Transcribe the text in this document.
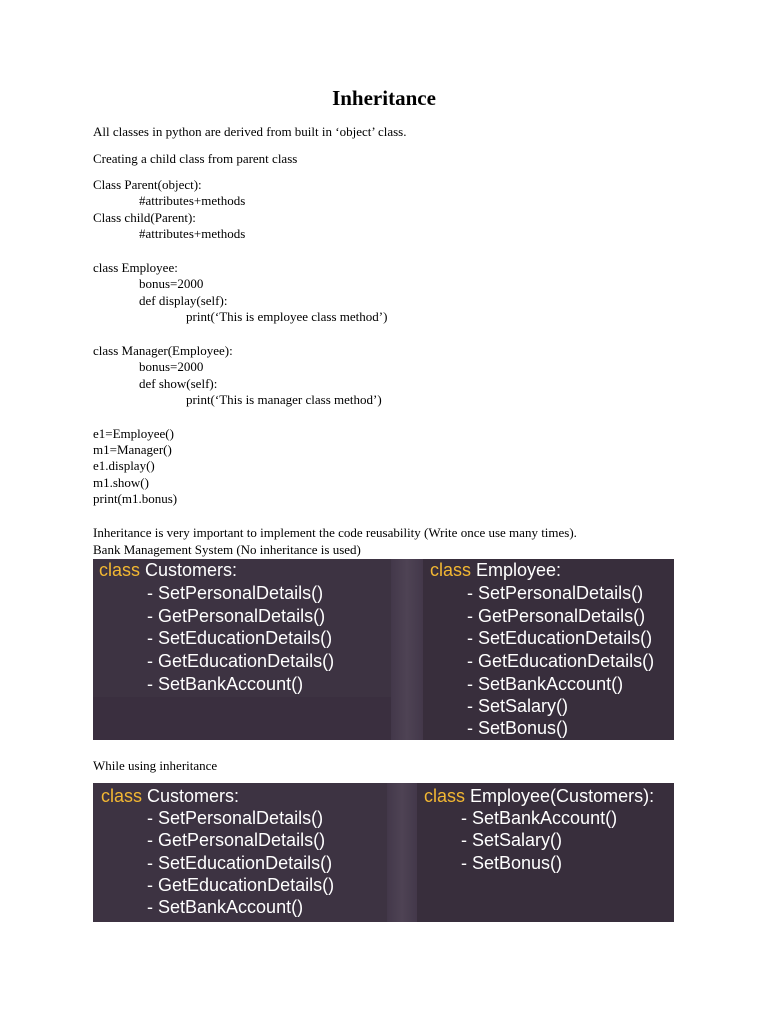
Inheritance
All classes in python are derived from built in ‘object’ class.
Creating a child class from parent class
Class Parent(object):
#attributes+methods
Class child(Parent):
#attributes+methods
class Employee:
bonus=2000
def display(self):
print(‘This is employee class method’)
class Manager(Employee):
bonus=2000
def show(self):
print(‘This is manager class method’)
e1=Employee()
m1=Manager()
e1.display()
m1.show()
print(m1.bonus)
Inheritance is very important to implement the code reusability (Write once use many times).
Bank Management System (No inheritance is used)
class Customers:
- SetPersonalDetails()
- GetPersonalDetails()
- SetEducationDetails()
- GetEducationDetails()
- SetBankAccount()
class Employee:
- SetPersonalDetails()
- GetPersonalDetails()
- SetEducationDetails()
- GetEducationDetails()
- SetBankAccount()
- SetSalary()
- SetBonus()
While using inheritance
class Customers:
- SetPersonalDetails()
- GetPersonalDetails()
- SetEducationDetails()
- GetEducationDetails()
- SetBankAccount()
class Employee(Customers):
- SetBankAccount()
- SetSalary()
- SetBonus()
